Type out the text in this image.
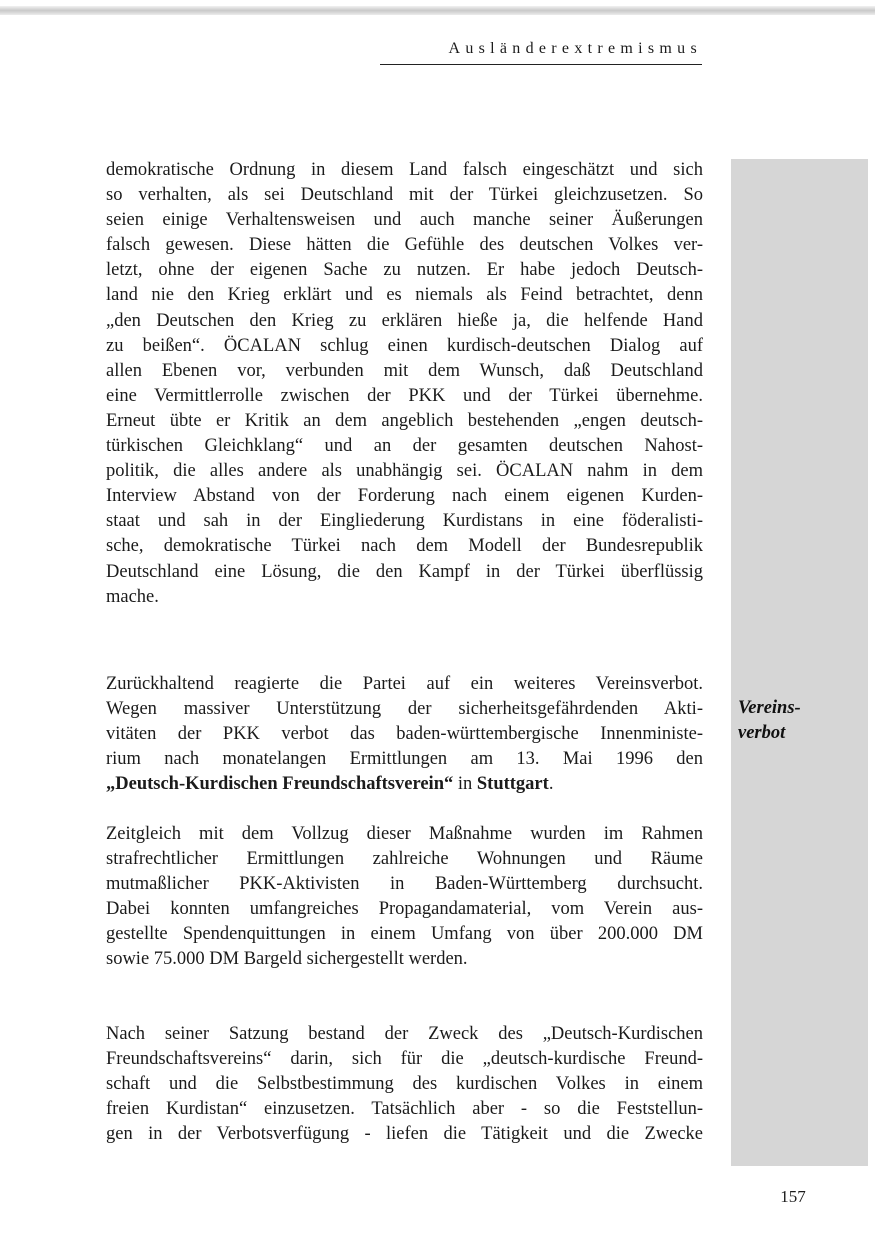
Ausländerextremismus
Vereins-
verbot
demokratische Ordnung in diesem Land falsch eingeschätzt und sich
so verhalten, als sei Deutschland mit der Türkei gleichzusetzen. So
seien einige Verhaltensweisen und auch manche seiner Äußerungen
falsch gewesen. Diese hätten die Gefühle des deutschen Volkes ver-
letzt, ohne der eigenen Sache zu nutzen. Er habe jedoch Deutsch-
land nie den Krieg erklärt und es niemals als Feind betrachtet, denn
„den Deutschen den Krieg zu erklären hieße ja, die helfende Hand
zu beißen“. ÖCALAN schlug einen kurdisch-deutschen Dialog auf
allen Ebenen vor, verbunden mit dem Wunsch, daß Deutschland
eine Vermittlerrolle zwischen der PKK und der Türkei übernehme.
Erneut übte er Kritik an dem angeblich bestehenden „engen deutsch-
türkischen Gleichklang“ und an der gesamten deutschen Nahost-
politik, die alles andere als unabhängig sei. ÖCALAN nahm in dem
Interview Abstand von der Forderung nach einem eigenen Kurden-
staat und sah in der Eingliederung Kurdistans in eine föderalisti-
sche, demokratische Türkei nach dem Modell der Bundesrepublik
Deutschland eine Lösung, die den Kampf in der Türkei überflüssig
mache.
Zurückhaltend reagierte die Partei auf ein weiteres Vereinsverbot.
Wegen massiver Unterstützung der sicherheitsgefährdenden Akti-
vitäten der PKK verbot das baden-württembergische Innenministe-
rium nach monatelangen Ermittlungen am 13. Mai 1996 den
„Deutsch-Kurdischen Freundschaftsverein“ in Stuttgart.
Zeitgleich mit dem Vollzug dieser Maßnahme wurden im Rahmen
strafrechtlicher Ermittlungen zahlreiche Wohnungen und Räume
mutmaßlicher PKK-Aktivisten in Baden-Württemberg durchsucht.
Dabei konnten umfangreiches Propagandamaterial, vom Verein aus-
gestellte Spendenquittungen in einem Umfang von über 200.000 DM
sowie 75.000 DM Bargeld sichergestellt werden.
Nach seiner Satzung bestand der Zweck des „Deutsch-Kurdischen
Freundschaftsvereins“ darin, sich für die „deutsch-kurdische Freund-
schaft und die Selbstbestimmung des kurdischen Volkes in einem
freien Kurdistan“ einzusetzen. Tatsächlich aber - so die Feststellun-
gen in der Verbotsverfügung - liefen die Tätigkeit und die Zwecke
157
